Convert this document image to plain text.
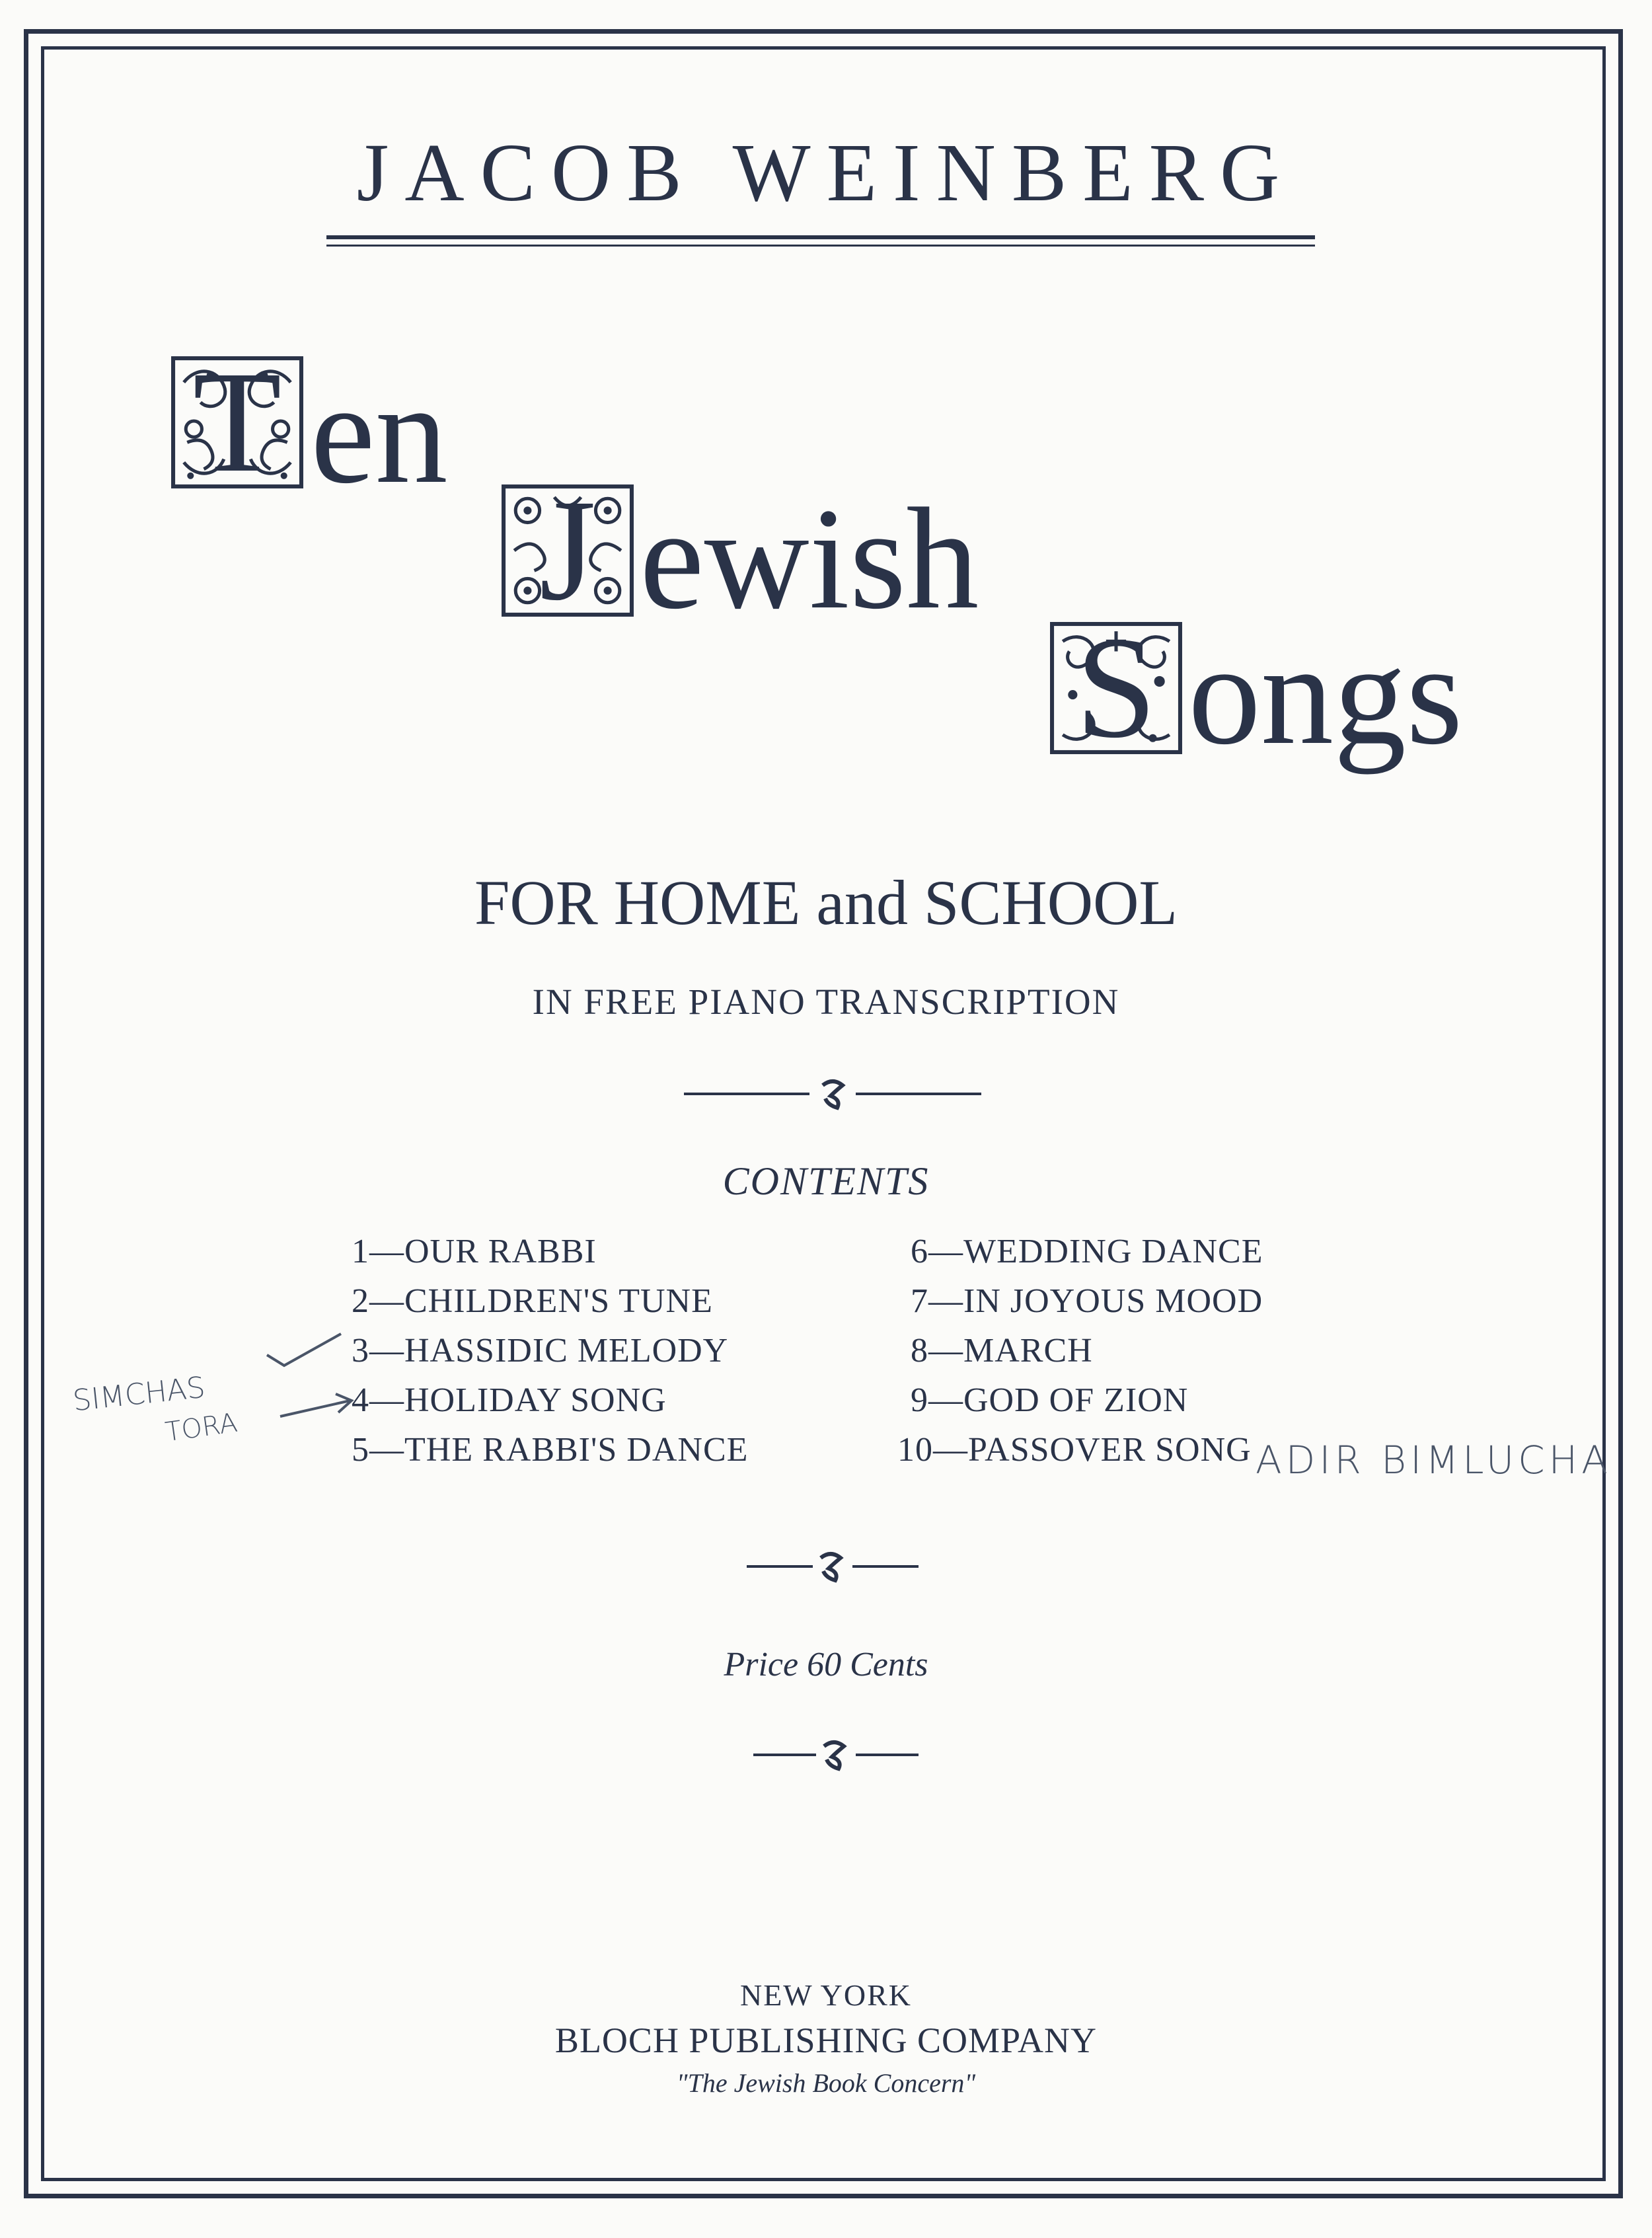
JACOB WEINBERG
T en
J ewish
S ongs
FOR HOME and SCHOOL
IN FREE PIANO TRANSCRIPTION
CONTENTS
1—OUR RABBI
2—CHILDREN'S TUNE
3—HASSIDIC MELODY
4—HOLIDAY SONG
5—THE RABBI'S DANCE
6—WEDDING DANCE
7—IN JOYOUS MOOD
8—MARCH
9—GOD OF ZION
10—PASSOVER SONG
SIMCHAS
TORA
ADIR BIMLUCHA
Price 60 Cents
NEW YORK
BLOCH PUBLISHING COMPANY
"The Jewish Book Concern"
